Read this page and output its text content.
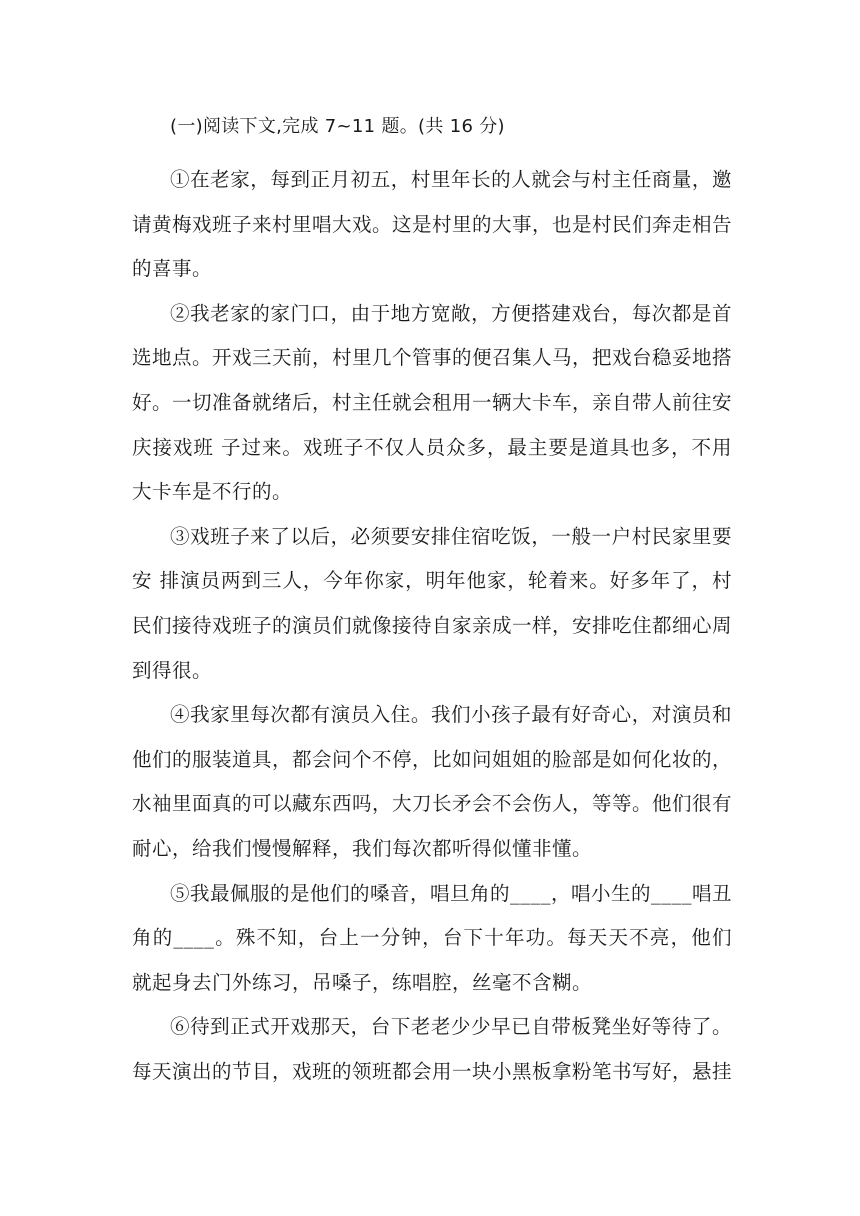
(一)阅读下文,完成 7~11 题。(共 16 分)

①在老家，每到正月初五，村里年长的人就会与村主任商量，邀请黄梅戏班子来村里唱大戏。这是村里的大事，也是村民们奔走相告的喜事。

②我老家的家门口，由于地方宽敞，方便搭建戏台，每次都是首选地点。开戏三天前，村里几个管事的便召集人马，把戏台稳妥地搭好。一切准备就绪后，村主任就会租用一辆大卡车，亲自带人前往安庆接戏班 子过来。戏班子不仅人员众多，最主要是道具也多，不用大卡车是不行的。

③戏班子来了以后，必须要安排住宿吃饭，一般一户村民家里要安 排演员两到三人，今年你家，明年他家，轮着来。好多年了，村民们接待戏班子的演员们就像接待自家亲成一样，安排吃住都细心周到得很。

④我家里每次都有演员入住。我们小孩子最有好奇心，对演员和他们的服装道具，都会问个不停，比如问姐姐的脸部是如何化妆的，水袖里面真的可以藏东西吗，大刀长矛会不会伤人，等等。他们很有耐心，给我们慢慢解释，我们每次都听得似懂非懂。

⑤我最佩服的是他们的嗓音，唱旦角的____，唱小生的____唱丑角的____。殊不知，台上一分钟，台下十年功。每天天不亮，他们就起身去门外练习，吊嗓子，练唱腔，丝毫不含糊。

⑥待到正式开戏那天，台下老老少少早已自带板凳坐好等待了。每天演出的节目，戏班的领班都会用一块小黑板拿粉笔书写好，悬挂
